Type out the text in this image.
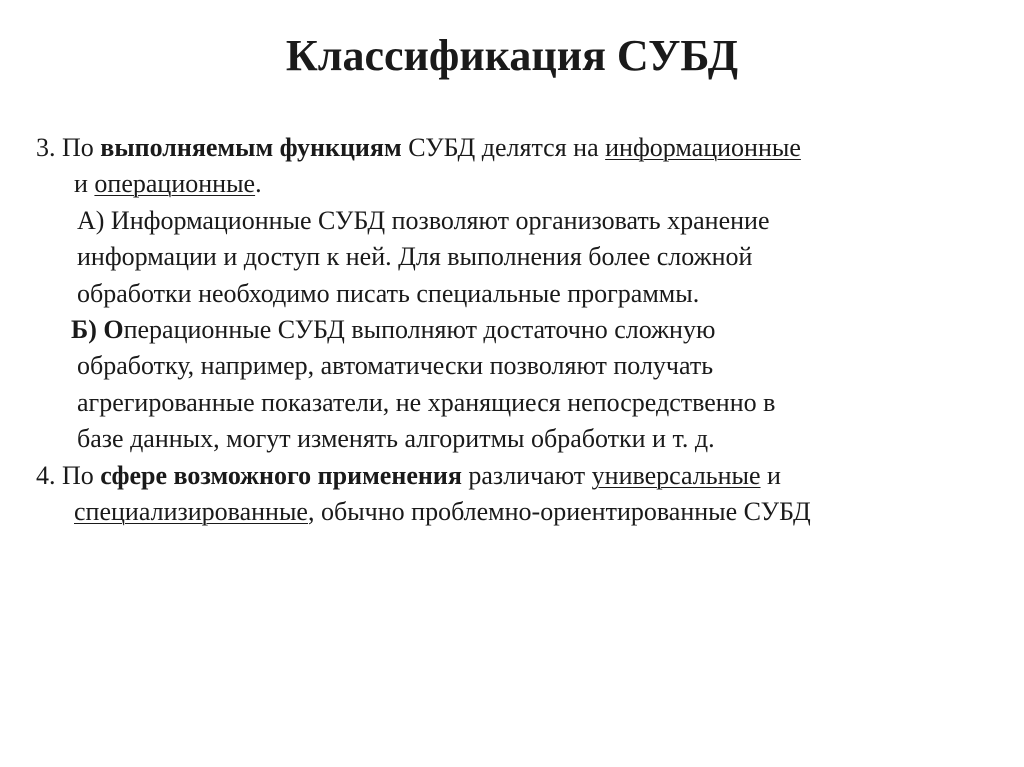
Классификация СУБД
3. По выполняемым функциям СУБД делятся на информационные
и операционные.
А) Информационные СУБД позволяют организовать хранение
информации и доступ к ней. Для выполнения более сложной
обработки необходимо писать специальные программы.
Б) Операционные СУБД выполняют достаточно сложную
обработку, например, автоматически позволяют получать
агрегированные показатели, не хранящиеся непосредственно в
базе данных, могут изменять алгоритмы обработки и т. д.
4. По сфере возможного применения различают универсальные и
специализированные, обычно проблемно-ориентированные СУБД
